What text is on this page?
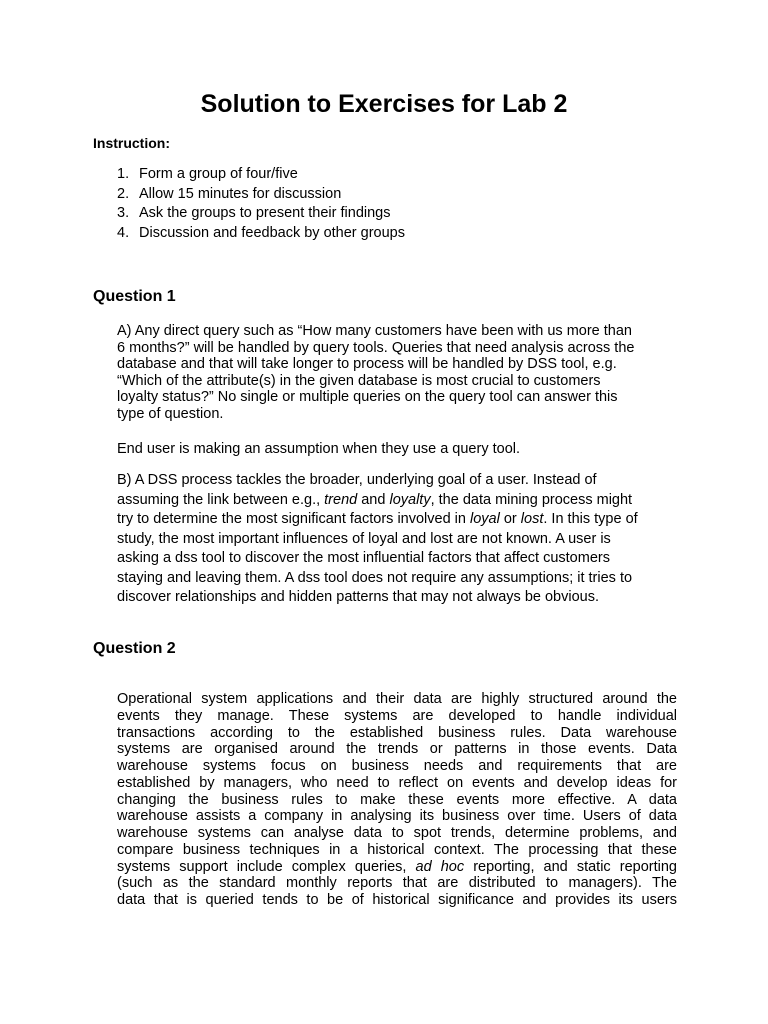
Solution to Exercises for Lab 2
Instruction:
1. Form a group of four/five
2. Allow 15 minutes for discussion
3. Ask the groups to present their findings
4. Discussion and feedback by other groups
Question 1
A) Any direct query such as “How many customers have been with us more than
6 months?” will be handled by query tools. Queries that need analysis across the
database and that will take longer to process will be handled by DSS tool, e.g.
“Which of the attribute(s) in the given database is most crucial to customers
loyalty status?” No single or multiple queries on the query tool can answer this
type of question.
End user is making an assumption when they use a query tool.
B) A DSS process tackles the broader, underlying goal of a user. Instead of
assuming the link between e.g., trend and loyalty, the data mining process might
try to determine the most significant factors involved in loyal or lost. In this type of
study, the most important influences of loyal and lost are not known. A user is
asking a dss tool to discover the most influential factors that affect customers
staying and leaving them. A dss tool does not require any assumptions; it tries to
discover relationships and hidden patterns that may not always be obvious.
Question 2
Operational system applications and their data are highly structured around the
events they manage. These systems are developed to handle individual
transactions according to the established business rules. Data warehouse
systems are organised around the trends or patterns in those events. Data
warehouse systems focus on business needs and requirements that are
established by managers, who need to reflect on events and develop ideas for
changing the business rules to make these events more effective. A data
warehouse assists a company in analysing its business over time. Users of data
warehouse systems can analyse data to spot trends, determine problems, and
compare business techniques in a historical context. The processing that these
systems support include complex queries, ad hoc reporting, and static reporting
(such as the standard monthly reports that are distributed to managers). The
data that is queried tends to be of historical significance and provides its users
